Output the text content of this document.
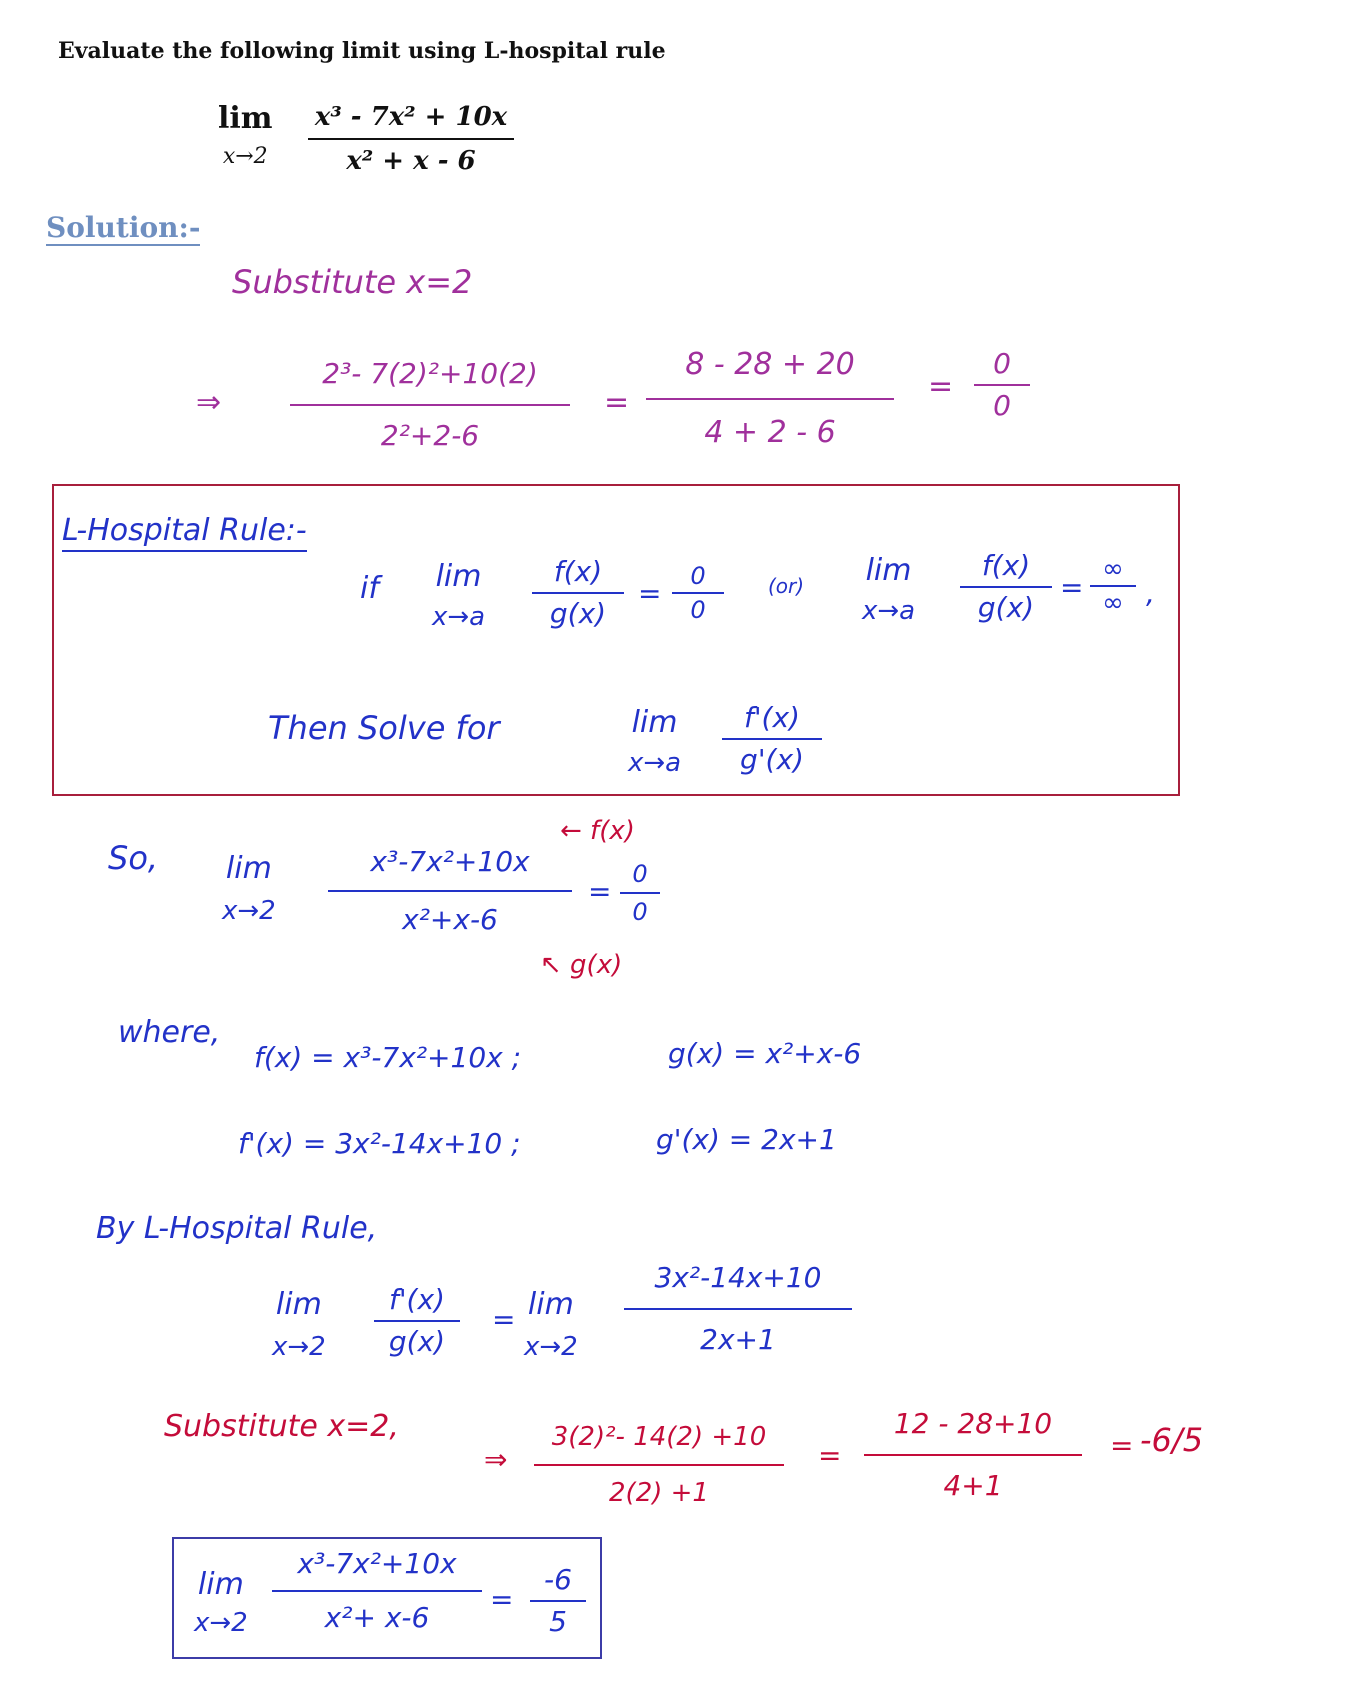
Evaluate the following limit using L-hospital rule
lim
x→2
x³ - 7x² + 10x
x² + x - 6
Solution:-
Substitute x=2
⇒
2³- 7(2)²+10(2)
2²+2-6
=
8 - 28 + 20
4 + 2 - 6
=
0
0
L-Hospital Rule:-
if lim
x→a
f(x)
g(x)
=
0
0
(or) lim
x→a
f(x)
g(x)
=
∞
∞ ,
Then Solve for	lim
x→a
f'(x)
g'(x)
So, lim
x→2
x³-7x²+10x
x²+x-6
=
0
0
← f(x)
↖ g(x)
where,
f(x) = x³-7x²+10x ;	g(x) = x²+x-6
f'(x) = 3x²-14x+10 ;	g'(x) = 2x+1
By L-Hospital Rule,
lim
x→2
f'(x)
g(x)
= lim
x→2
3x²-14x+10
2x+1
Substitute x=2,
⇒
3(2)²- 14(2) +10
2(2) +1
=
12 - 28+10
4+1
= -6/5
lim
x→2
x³-7x²+10x
x²+ x-6
=
-6
5
